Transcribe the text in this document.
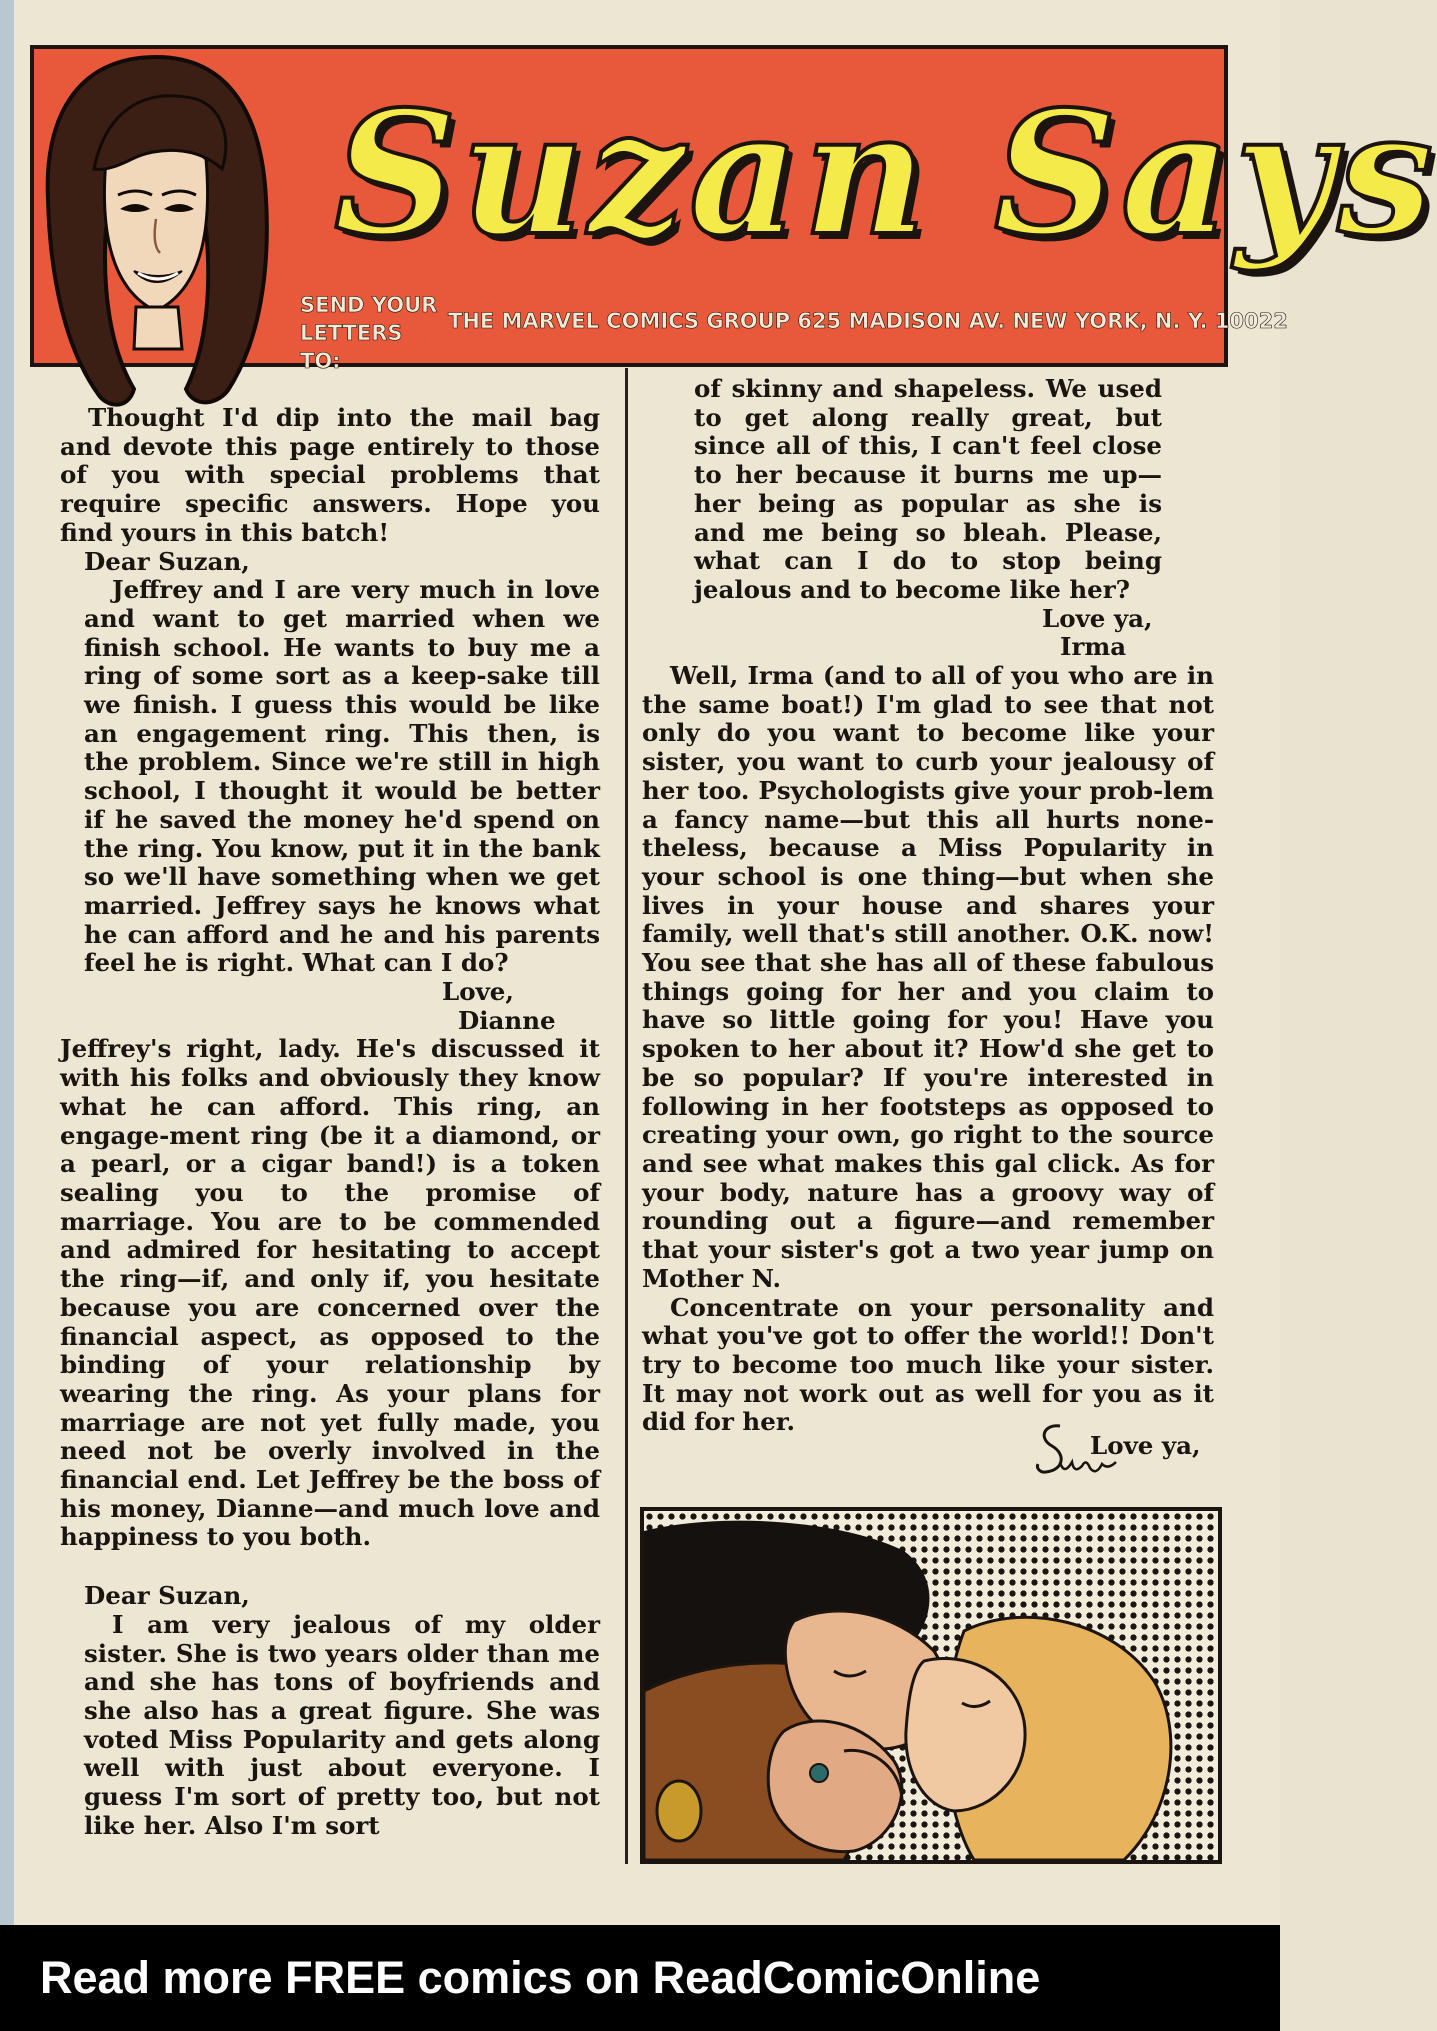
Suzan Says
SEND YOUR LETTERS TO:
THE MARVEL COMICS GROUP 625 MADISON AV. NEW YORK, N. Y. 10022

Thought I'd dip into the mail bag and devote this page entirely to those of you with special problems that require specific answers. Hope you find yours in this batch!

Dear Suzan,

Jeffrey and I are very much in love and want to get married when we finish school. He wants to buy me a ring of some sort as a keep-sake till we finish. I guess this would be like an engagement ring. This then, is the problem. Since we're still in high school, I thought it would be better if he saved the money he'd spend on the ring. You know, put it in the bank so we'll have something when we get married. Jeffrey says he knows what he can afford and he and his parents feel he is right. What can I do?

Love,

Dianne

Jeffrey's right, lady. He's discussed it with his folks and obviously they know what he can afford. This ring, an engage-ment ring (be it a diamond, or a pearl, or a cigar band!) is a token sealing you to the promise of marriage. You are to be commended and admired for hesitating to accept the ring—if, and only if, you hesitate because you are concerned over the financial aspect, as opposed to the binding of your relationship by wearing the ring. As your plans for marriage are not yet fully made, you need not be overly involved in the financial end. Let Jeffrey be the boss of his money, Dianne—and much love and happiness to you both.

Dear Suzan,

I am very jealous of my older sister. She is two years older than me and she has tons of boyfriends and she also has a great figure. She was voted Miss Popularity and gets along well with just about everyone. I guess I'm sort of pretty too, but not like her. Also I'm sort

of skinny and shapeless. We used to get along really great, but since all of this, I can't feel close to her because it burns me up—her being as popular as she is and me being so bleah. Please, what can I do to stop being jealous and to become like her?

Love ya,

Irma

Well, Irma (and to all of you who are in the same boat!) I'm glad to see that not only do you want to become like your sister, you want to curb your jealousy of her too. Psychologists give your prob-lem a fancy name—but this all hurts none-theless, because a Miss Popularity in your school is one thing—but when she lives in your house and shares your family, well that's still another. O.K. now! You see that she has all of these fabulous things going for her and you claim to have so little going for you! Have you spoken to her about it? How'd she get to be so popular? If you're interested in following in her footsteps as opposed to creating your own, go right to the source and see what makes this gal click. As for your body, nature has a groovy way of rounding out a figure—and remember that your sister's got a two year jump on Mother N.

Concentrate on your personality and what you've got to offer the world!! Don't try to become too much like your sister. It may not work out as well for you as it did for her.

Love ya,
Read more FREE comics on ReadComicOnline
